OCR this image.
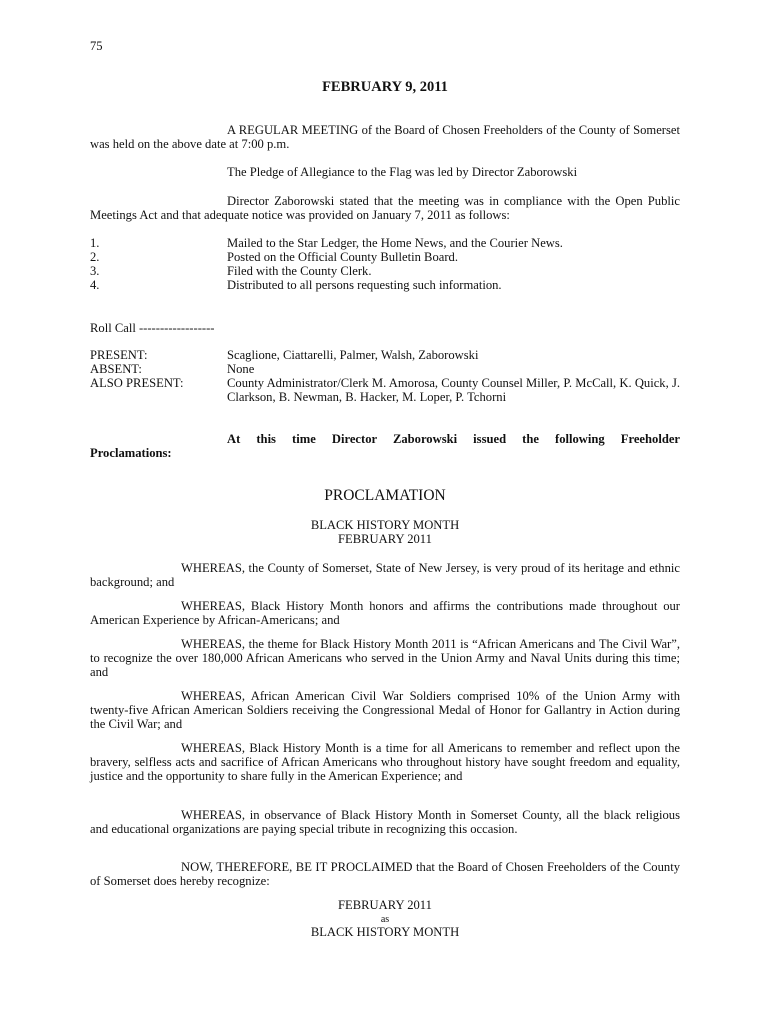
75
FEBRUARY 9, 2011
A REGULAR MEETING of the Board of Chosen Freeholders of the County of Somerset was held on the above date at 7:00 p.m.
The Pledge of Allegiance to the Flag was led by Director Zaborowski
Director Zaborowski stated that the meeting was in compliance with the Open Public Meetings Act and that adequate notice was provided on January 7, 2011 as follows:
1.	Mailed to the Star Ledger, the Home News, and the Courier News.
2.	Posted on the Official County Bulletin Board.
3.	Filed with the County Clerk.
4.	Distributed to all persons requesting such information.
Roll Call ------------------
PRESENT:	Scaglione, Ciattarelli, Palmer, Walsh, Zaborowski
ABSENT:	None
ALSO PRESENT:	County Administrator/Clerk M. Amorosa, County Counsel Miller, P. McCall, K. Quick, J. Clarkson, B. Newman, B. Hacker, M. Loper, P. Tchorni
At this time Director Zaborowski issued the following Freeholder
Proclamations:
PROCLAMATION
BLACK HISTORY MONTH
FEBRUARY 2011
WHEREAS, the County of Somerset, State of New Jersey, is very proud of its heritage and ethnic background; and
WHEREAS, Black History Month honors and affirms the contributions made throughout our American Experience by African-Americans; and
WHEREAS, the theme for Black History Month 2011 is “African Americans and The Civil War”, to recognize the over 180,000 African Americans who served in the Union Army and Naval Units during this time; and
WHEREAS, African American Civil War Soldiers comprised 10% of the Union Army with twenty-five African American Soldiers receiving the Congressional Medal of Honor for Gallantry in Action during the Civil War; and
WHEREAS, Black History Month is a time for all Americans to remember and reflect upon the bravery, selfless acts and sacrifice of African Americans who throughout history have sought freedom and equality, justice and the opportunity to share fully in the American Experience; and
WHEREAS, in observance of Black History Month in Somerset County, all the black religious and educational organizations are paying special tribute in recognizing this occasion.
NOW, THEREFORE, BE IT PROCLAIMED that the Board of Chosen Freeholders of the County of Somerset does hereby recognize:
FEBRUARY 2011
as
BLACK HISTORY MONTH
